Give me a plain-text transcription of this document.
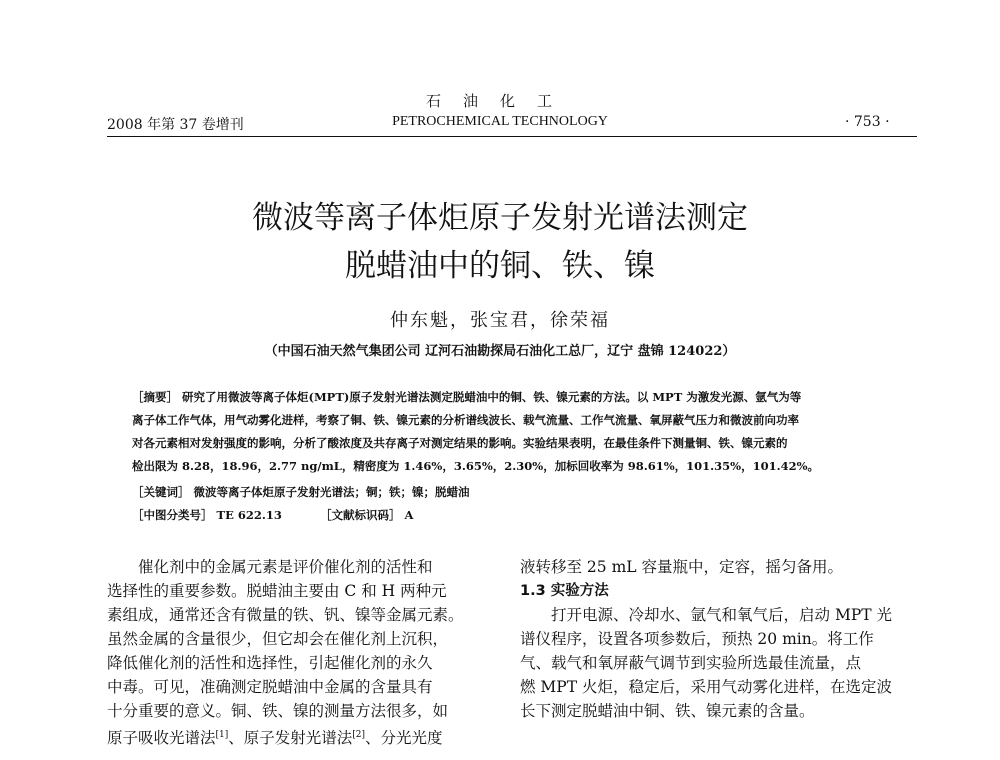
石油化工
2008 年第 37 卷增刊	PETROCHEMICAL TECHNOLOGY	· 753 ·
微波等离子体炬原子发射光谱法测定
脱蜡油中的铜、铁、镍
仲东魁，张宝君，徐荣福
（中国石油天然气集团公司 辽河石油勘探局石油化工总厂，辽宁 盘锦 124022）

［摘要］ 研究了用微波等离子体炬(MPT)原子发射光谱法测定脱蜡油中的铜、铁、镍元素的方法。以 MPT 为激发光源、氩气为等

离子体工作气体，用气动雾化进样，考察了铜、铁、镍元素的分析谱线波长、载气流量、工作气流量、氧屏蔽气压力和微波前向功率

对各元素相对发射强度的影响，分析了酸浓度及共存离子对测定结果的影响。实验结果表明，在最佳条件下测量铜、铁、镍元素的

检出限为 8.28，18.96，2.77 ng/mL，精密度为 1.46%，3.65%，2.30%，加标回收率为 98.61%，101.35%，101.42%。

［关键词］ 微波等离子体炬原子发射光谱法；铜；铁；镍；脱蜡油
［中图分类号］ TE 622.13	［文献标识码］ A
　　催化剂中的金属元素是评价催化剂的活性和
选择性的重要参数。脱蜡油主要由 C 和 H 两种元
素组成，通常还含有微量的铁、钒、镍等金属元素。
虽然金属的含量很少，但它却会在催化剂上沉积，
降低催化剂的活性和选择性，引起催化剂的永久
中毒。可见，准确测定脱蜡油中金属的含量具有
十分重要的意义。铜、铁、镍的测量方法很多，如
原子吸收光谱法[1]、原子发射光谱法[2]、分光光度
液转移至 25 mL 容量瓶中，定容，摇匀备用。
1.3 实验方法
　　打开电源、冷却水、氩气和氧气后，启动 MPT 光
谱仪程序，设置各项参数后，预热 20 min。将工作
气、载气和氧屏蔽气调节到实验所选最佳流量，点
燃 MPT 火炬，稳定后，采用气动雾化进样，在选定波
长下测定脱蜡油中铜、铁、镍元素的含量。
